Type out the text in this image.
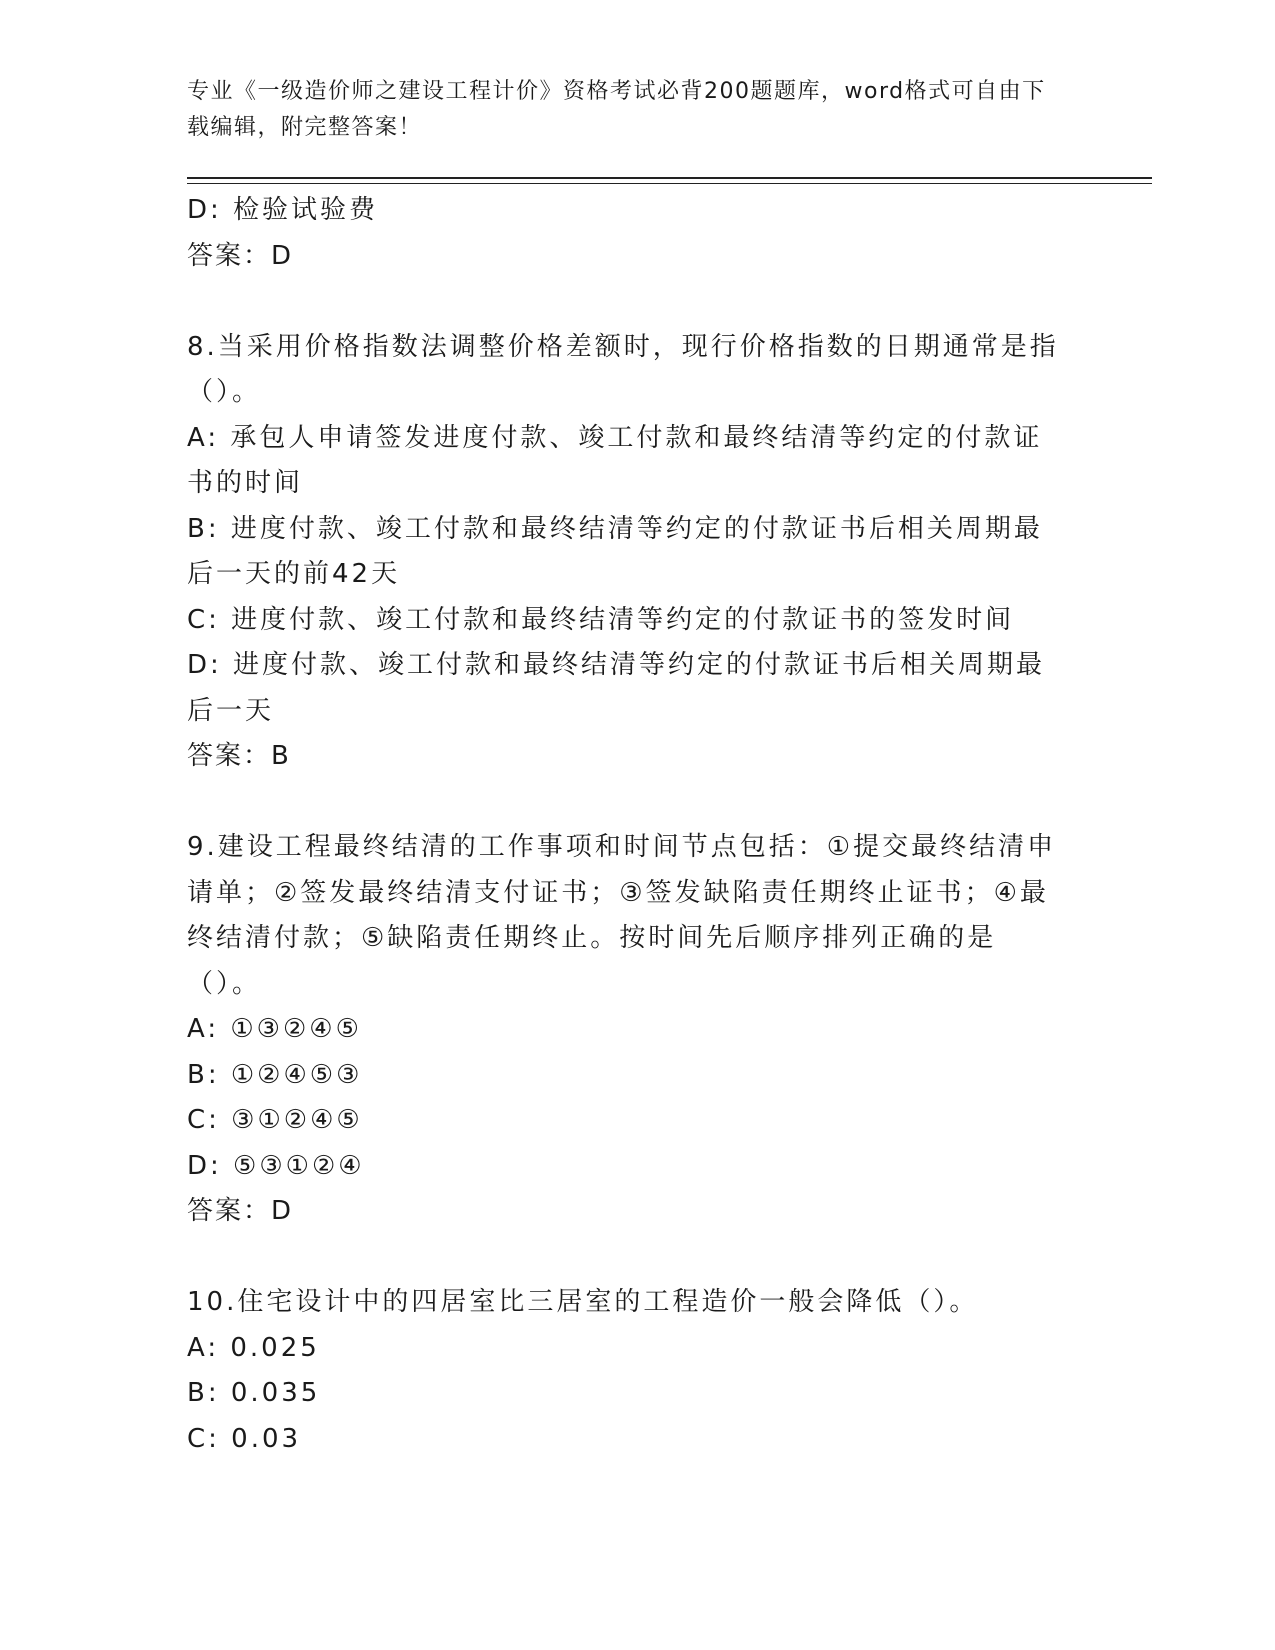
专业《一级造价师之建设工程计价》资格考试必背200题题库，word格式可自由下载编辑，附完整答案！
D: 检验试验费
答案：D
8.当采用价格指数法调整价格差额时，现行价格指数的日期通常是指（）。
A: 承包人申请签发进度付款、竣工付款和最终结清等约定的付款证书的时间
B: 进度付款、竣工付款和最终结清等约定的付款证书后相关周期最后一天的前42天
C: 进度付款、竣工付款和最终结清等约定的付款证书的签发时间
D: 进度付款、竣工付款和最终结清等约定的付款证书后相关周期最后一天
答案：B
9.建设工程最终结清的工作事项和时间节点包括：①提交最终结清申请单；②签发最终结清支付证书；③签发缺陷责任期终止证书；④最终结清付款；⑤缺陷责任期终止。按时间先后顺序排列正确的是（）。
A: ①③②④⑤
B: ①②④⑤③
C: ③①②④⑤
D: ⑤③①②④
答案：D
10.住宅设计中的四居室比三居室的工程造价一般会降低（）。
A: 0.025
B: 0.035
C: 0.03
